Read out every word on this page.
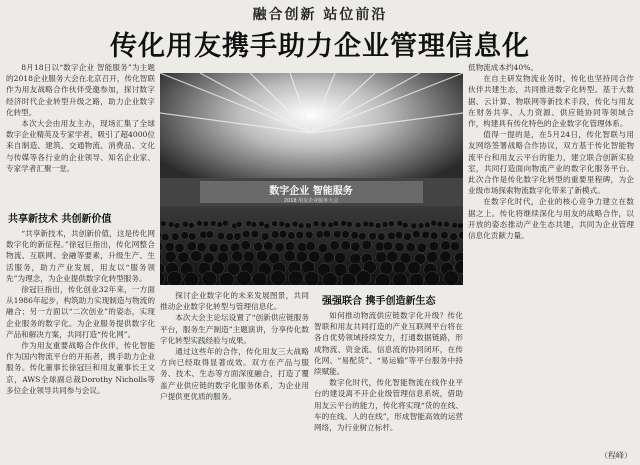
融合创新 站位前沿
传化用友携手助力企业管理信息化

8月18日以“数字企业 智能服务”为主题的2018企业服务大会在北京召开，传化智联作为用友战略合作伙伴受邀参加，探讨数字经济时代企业转型升级之路，助力企业数字化转型。

本次大会由用友主办，现场汇集了全球数字企业精英及专家学者，吸引了超4000位来自制造、建筑、交通物流、消费品、文化与传媒等各行业的企业领导、知名企业家、专家学者汇聚一堂。

共享新技术 共创新价值

“共享新技术，共创新价值，这是传化网数字化的新征程。”徐冠巨指出，传化网整合物流、互联网、金融等要素，升级生产、生活服务，助力产业发展，用友以“服务领先”为理念，为企业提供数字化转型服务。

徐冠巨指出，传化创业32年来，一方面从1986年起步，构筑助力实现制造与物流的融合；另一方面以“二次创业”的姿态，实现企业服务的数字化。为企业服务提供数字化产品和解决方案，共同打造“传化网”。

作为用友重要战略合作伙伴，传化智能作为国内物流平台的开拓者，携手助力企业服务。传化董事长徐冠巨和用友董事长王文京，AWS全球副总裁Dorothy Nicholls等多位企业领导共同参与会议。

数字企业 智能服务
2018 用友企业服务大会

探讨企业数字化的未来发展图景，共同推动企业数字化转型与管理信息化。

本次大会主论坛设置了“创新供应链服务平台，服务生产制造”主题演讲，分享传化数字化转型实践经验与成果。

通过这些年的合作，传化用友三大战略方向已经取得显著成效。双方在产品与服务、技术、生态等方面深度融合，打造了覆盖产业供应链的数字化服务体系，为企业用户提供更优质的服务。

强强联合 携手创造新生态

如何推动物流供应链数字化升级？传化智联和用友共同打造的产业互联网平台将在各自优势领域持续发力，打通数据链路，形成物流、资金流、信息流的协同闭环，在传化网、“易配货”、“易运输”等平台服务中持续赋能。

数字化时代，传化智能物流在线作业平台的建设离不开企业级管理信息系统，借助用友云平台的能力，传化将实现“货的在线、车的在线、人的在线”，形成智能高效的运营网络，为行业树立标杆。

低物流成本约40%。

在自主研发物流业务时，传化也坚持同合作伙伴共建生态，共同推进数字化转型。基于大数据、云计算、物联网等新技术手段，传化与用友在财务共享、人力资源、供应链协同等领域合作，构建具有传化特色的企业数字化管理体系。

值得一提的是，在5月24日，传化智联与用友网络签署战略合作协议，双方基于传化智能物流平台和用友云平台的能力，建立联合创新实验室，共同打造面向物流产业的数字化服务平台。此次合作是传化数字化转型的重要里程碑，为企业级市场探索物流数字化带来了新模式。

在数字化时代，企业的核心竞争力建立在数据之上。传化将继续深化与用友的战略合作，以开放的姿态推动产业生态共建，共同为企业管理信息化贡献力量。

（程峰）
